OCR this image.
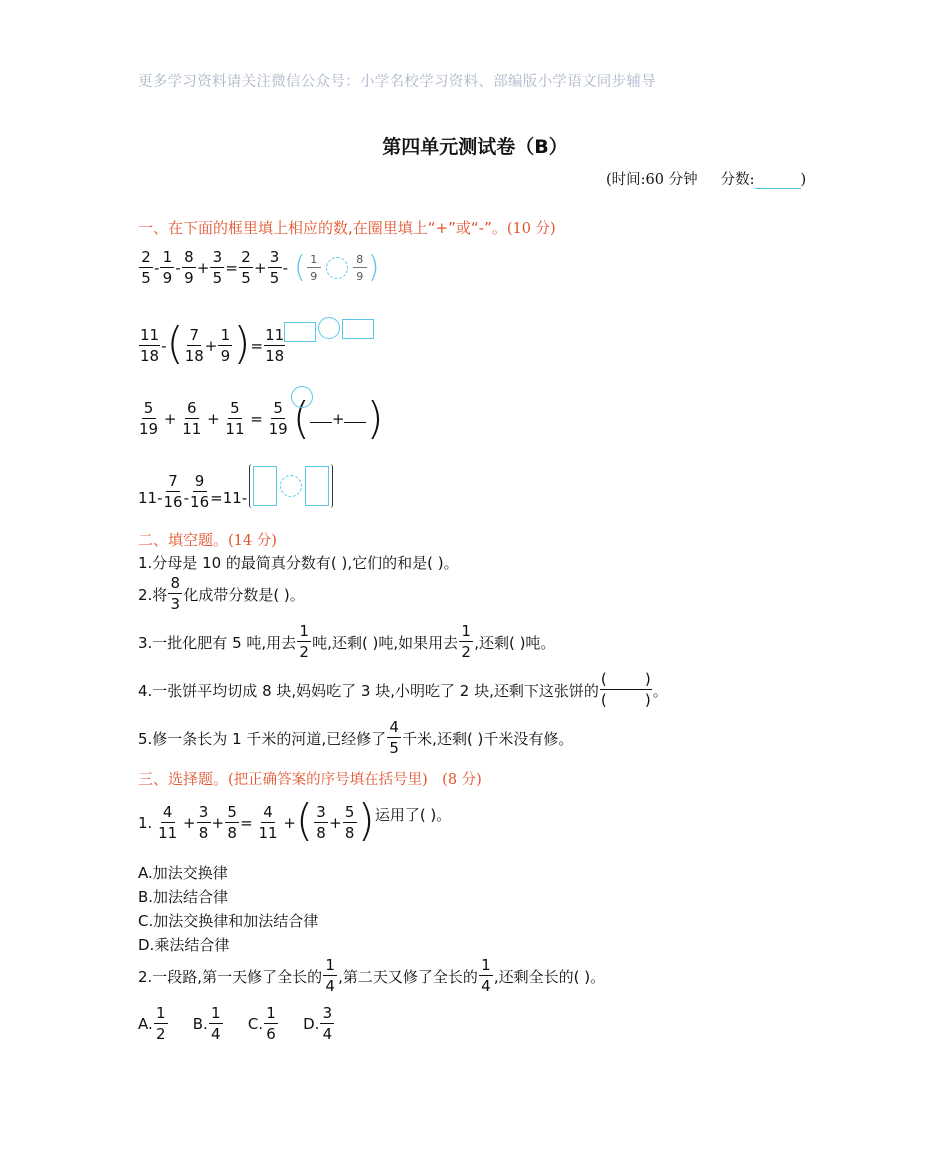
更多学习资料请关注微信公众号：小学名校学习资料、部编版小学语文同步辅导
第四单元测试卷（B）
(时间:60 分钟 分数:	)
一、在下面的框里填上相应的数,在圈里填上“+”或“-”。(10 分)
$\frac{2}{5} - \frac{1}{9} - \frac{8}{9} + \frac{3}{5} = \frac{2}{5} + \frac{3}{5}$ - ( $\frac{1}{9}$	$\frac{8}{9}$ )
$\frac{11}{18}$ - ( $\frac{7}{18} + \frac{1}{9}$ ) = $\frac{11}{18}$
$\frac{5}{19} + \frac{6}{11} + \frac{5}{11} = \frac{5}{19}$ ( + )
$11 - \frac{7}{16} - \frac{9}{16} =11-$
二、填空题。(14 分)
1.分母是 10 的最简真分数有( ),它们的和是( )。
2.将 $\frac{8}{3}$ 化成带分数是( )。
3.一批化肥有 5 吨,用去 $\frac{1}{2}$ 吨,还剩( )吨,如果用去 $\frac{1}{2}$ ,还剩( )吨。
4.一张饼平均切成 8 块,妈妈吃了 3 块,小明吃了 2 块,还剩下这张饼的 $\frac{( )}{( )}$ 。
5.修一条长为 1 千米的河道,已经修了 $\frac{4}{5}$ 千米,还剩( )千米没有修。
三、选择题。(把正确答案的序号填在括号里) (8 分)
1.
$\frac{4}{11} + \frac{3}{8} + \frac{5}{8} = \frac{4}{11}$ + ( $\frac{3}{8} + \frac{5}{8}$ ) 运用了( )。
A.加法交换律
B.加法结合律
C.加法交换律和加法结合律
D.乘法结合律
2.一段路,第一天修了全长的 $\frac{1}{4}$ ,第二天又修了全长的 $\frac{1}{4}$ ,还剩全长的( )。
A. $\frac{1}{2} B$. $\frac{1}{4} C$. $\frac{1}{6} D$. $\frac{3}{4}$
